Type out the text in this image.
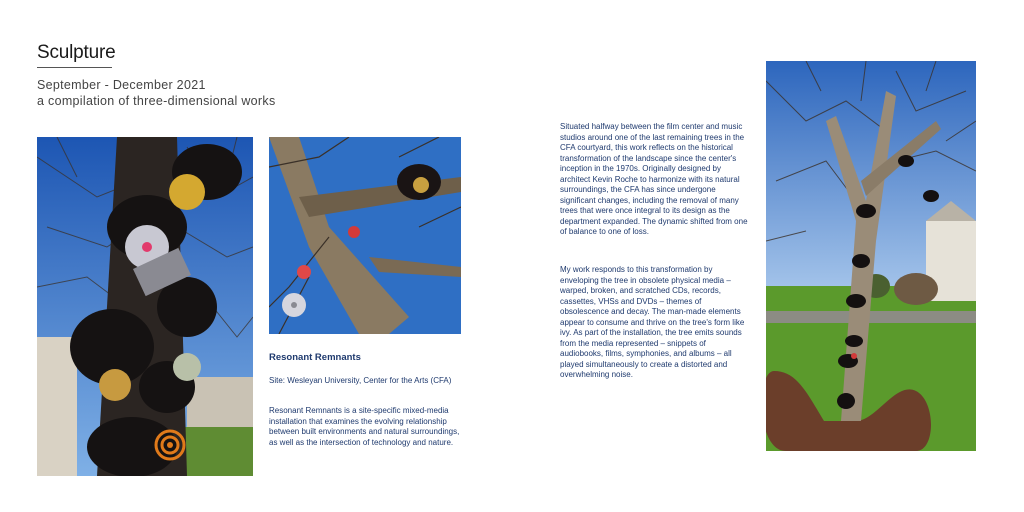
Sculpture
September - December 2021
a compilation of three-dimensional works
Resonant Remnants
Site: Wesleyan University, Center for the Arts (CFA)
Resonant Remnants is a site-specific mixed-media installation that examines the evolving relationship between built environments and natural surroundings, as well as the intersection of technology and nature.
Situated halfway between the film center and music studios around one of the last remaining trees in the CFA courtyard, this work reflects on the historical transformation of the landscape since the center's inception in the 1970s. Originally designed by architect Kevin Roche to harmonize with its natural surroundings, the CFA has since undergone significant changes, including the removal of many trees that were once integral to its design as the department expanded. The dynamic shifted from one of balance to one of loss.
My work responds to this transformation by enveloping the tree in obsolete physical media – warped, broken, and scratched CDs, records, cassettes, VHSs and DVDs – themes of obsolescence and decay. The man-made elements appear to consume and thrive on the tree's form like ivy. As part of the installation, the tree emits sounds from the media represented – snippets of audiobooks, films, symphonies, and albums – all played simultaneously to create a distorted and overwhelming noise.
